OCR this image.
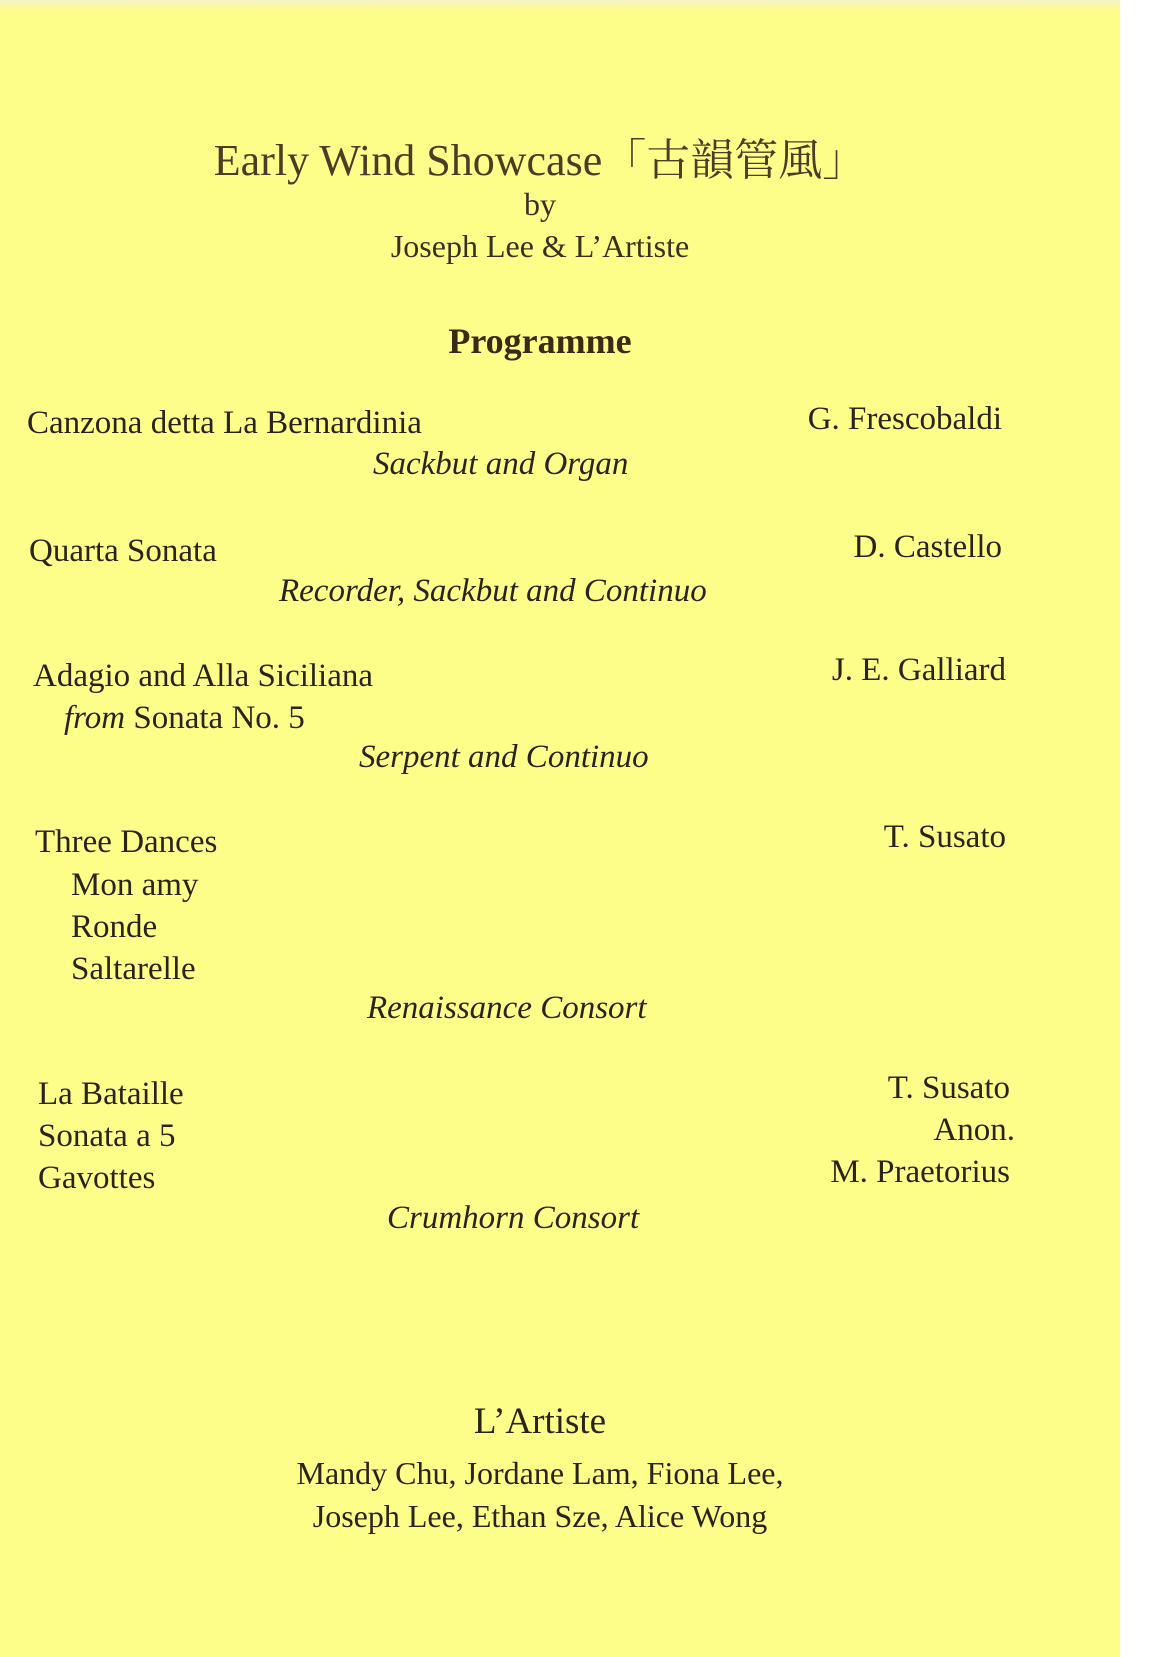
Early Wind Showcase「古韻管風」
by
Joseph Lee & L’Artiste
Programme
Canzona detta La Bernardinia	G. Frescobaldi
Sackbut and Organ
Quarta Sonata	D. Castello
Recorder, Sackbut and Continuo
Adagio and Alla Siciliana
from Sonata No. 5
J. E. Galliard
Serpent and Continuo
Three Dances
Mon amy
Ronde
Saltarelle
T. Susato
Renaissance Consort
La Bataille
Sonata a 5
Gavottes
T. Susato
Anon.
M. Praetorius
Crumhorn Consort
L’Artiste
Mandy Chu, Jordane Lam, Fiona Lee,
Joseph Lee, Ethan Sze, Alice Wong
